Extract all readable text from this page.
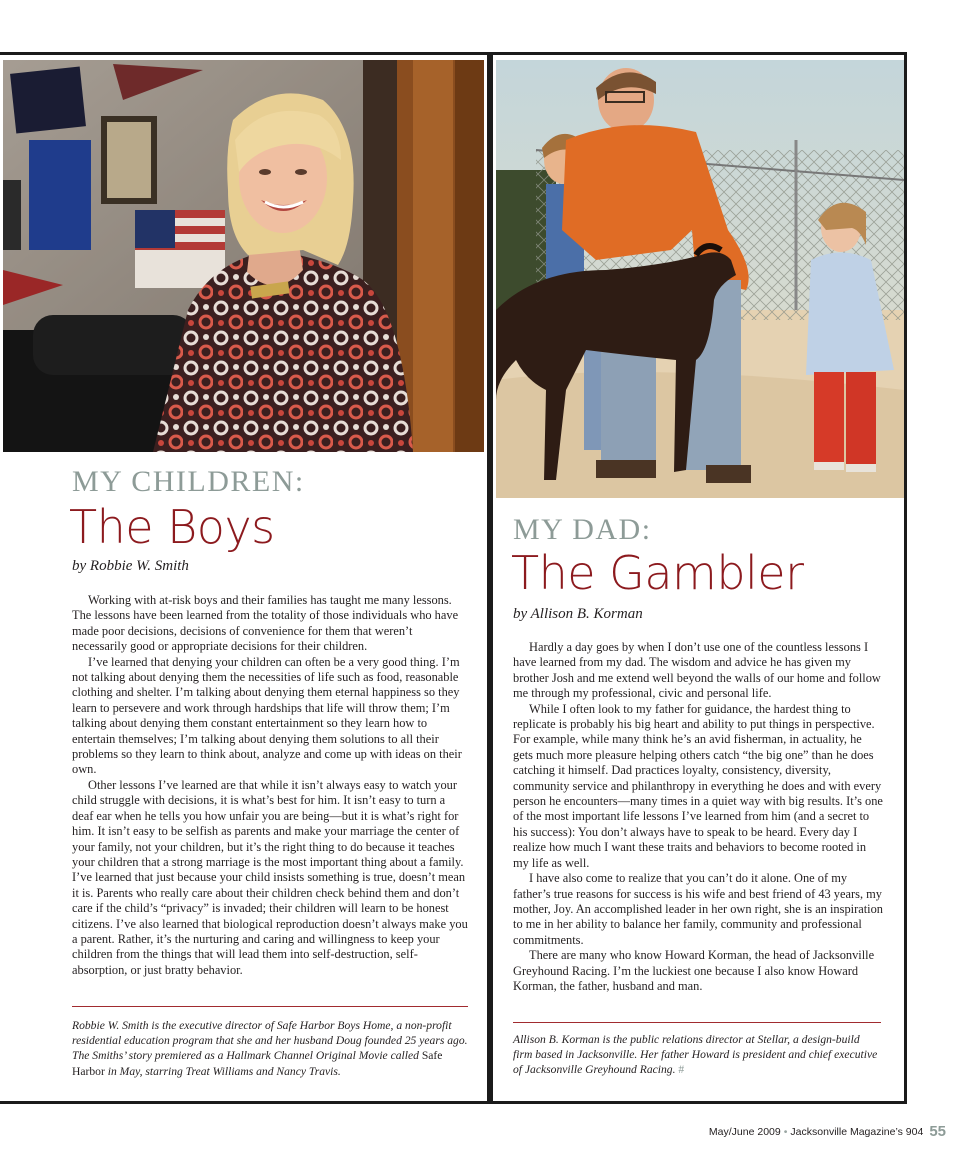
MY CHILDREN:
The Boys

by Robbie W. Smith

Working with at-risk boys and their families has taught me many lessons. The lessons have been learned from the totality of those individuals who have made poor decisions, decisions of convenience for them that weren’t necessarily good or appropriate decisions for their children.

I’ve learned that denying your children can often be a very good thing. I’m not talking about denying them the necessities of life such as food, reasonable clothing and shelter. I’m talking about denying them eternal happiness so they learn to persevere and work through hardships that life will throw them; I’m talking about denying them constant entertainment so they learn how to entertain themselves; I’m talking about denying them solutions to all their problems so they learn to think about, analyze and come up with ideas on their own.

Other lessons I’ve learned are that while it isn’t always easy to watch your child struggle with decisions, it is what’s best for him. It isn’t easy to turn a deaf ear when he tells you how unfair you are being—but it is what’s right for him. It isn’t easy to be selfish as parents and make your marriage the center of your family, not your children, but it’s the right thing to do because it teaches your children that a strong marriage is the most important thing about a family. I’ve learned that just because your child insists something is true, doesn’t mean it is. Parents who really care about their children check behind them and don’t care if the child’s “privacy” is invaded; their children will learn to be honest citizens. I’ve also learned that biological reproduction doesn’t always make you a parent. Rather, it’s the nurturing and caring and willingness to keep your children from the things that will lead them into self-destruction, self-absorption, or just bratty behavior.

Robbie W. Smith is the executive director of Safe Harbor Boys Home, a non-profit residential education program that she and her husband Doug founded 25 years ago. The Smiths’ story premiered as a Hallmark Channel Original Movie called Safe Harbor in May, starring Treat Williams and Nancy Travis.

MY DAD:
The Gambler

by Allison B. Korman

Hardly a day goes by when I don’t use one of the countless lessons I have learned from my dad. The wisdom and advice he has given my brother Josh and me extend well beyond the walls of our home and follow me through my professional, civic and personal life.

While I often look to my father for guidance, the hardest thing to replicate is probably his big heart and ability to put things in perspective. For example, while many think he’s an avid fisherman, in actuality, he gets much more pleasure helping others catch “the big one” than he does catching it himself. Dad practices loyalty, consistency, diversity, community service and philanthropy in everything he does and with every person he encounters—many times in a quiet way with big results. It’s one of the most important life lessons I’ve learned from him (and a secret to his success): You don’t always have to speak to be heard. Every day I realize how much I want these traits and behaviors to become rooted in my life as well.

I have also come to realize that you can’t do it alone. One of my father’s true reasons for success is his wife and best friend of 43 years, my mother, Joy. An accomplished leader in her own right, she is an inspiration to me in her ability to balance her family, community and professional commitments.

There are many who know Howard Korman, the head of Jacksonville Greyhound Racing. I’m the luckiest one because I also know Howard Korman, the father, husband and man.

Allison B. Korman is the public relations director at Stellar, a design-build firm based in Jacksonville. Her father Howard is president and chief executive of Jacksonville Greyhound Racing. #

May/June 2009 • Jacksonville Magazine’s 904 55
